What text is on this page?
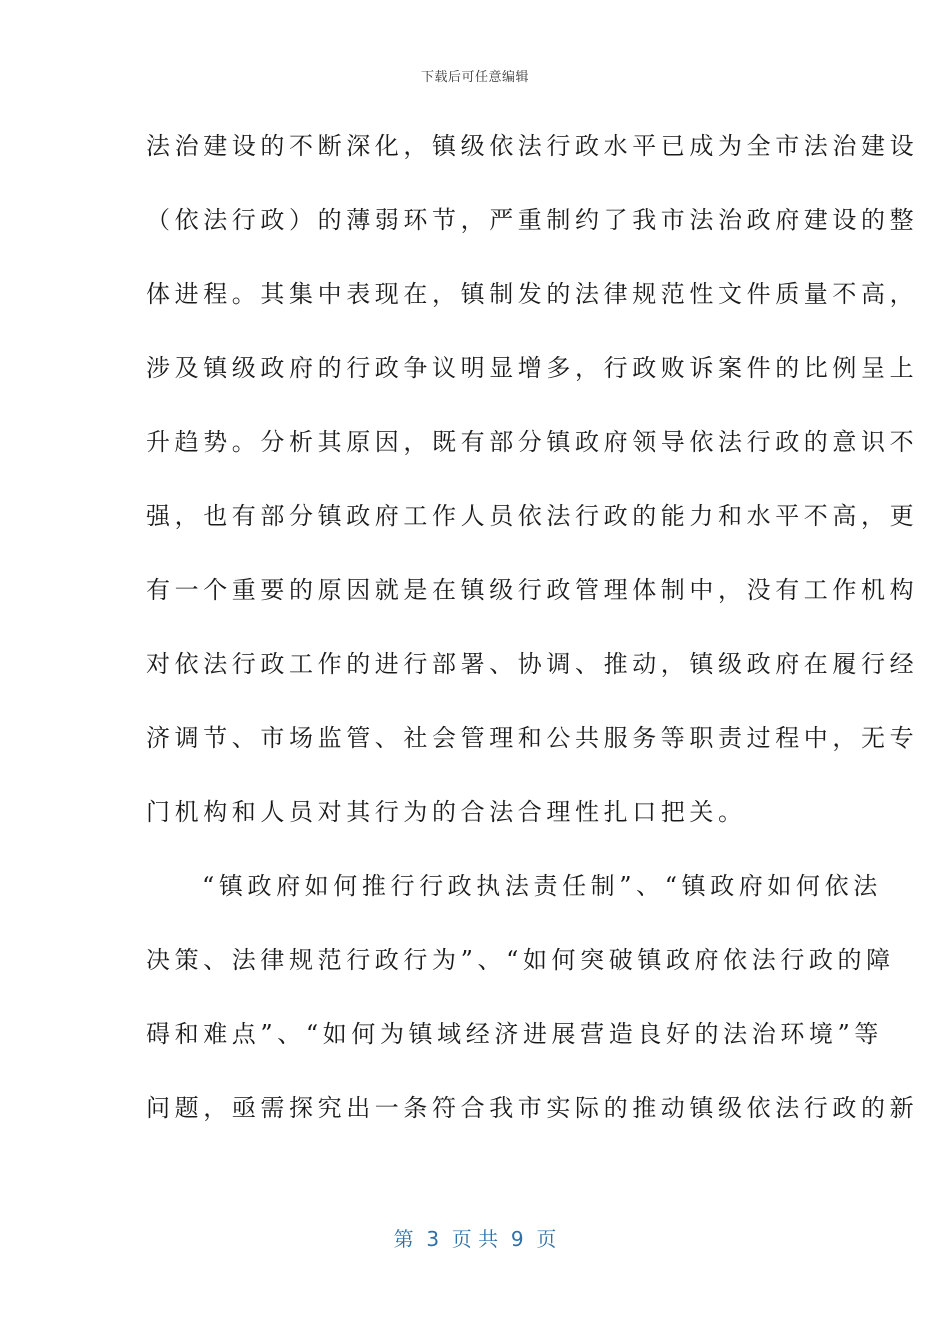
下载后可任意编辑
法治建设的不断深化，镇级依法行政水平已成为全市法治建设
（依法行政）的薄弱环节，严重制约了我市法治政府建设的整
体进程。其集中表现在，镇制发的法律规范性文件质量不高，
涉及镇级政府的行政争议明显增多，行政败诉案件的比例呈上
升趋势。分析其原因，既有部分镇政府领导依法行政的意识不
强，也有部分镇政府工作人员依法行政的能力和水平不高，更
有一个重要的原因就是在镇级行政管理体制中，没有工作机构
对依法行政工作的进行部署、协调、推动，镇级政府在履行经
济调节、市场监管、社会管理和公共服务等职责过程中，无专
门机构和人员对其行为的合法合理性扎口把关。
“镇政府如何推行行政执法责任制”、“镇政府如何依法
决策、法律规范行政行为”、“如何突破镇政府依法行政的障
碍和难点”、“如何为镇域经济进展营造良好的法治环境”等
问题，亟需探究出一条符合我市实际的推动镇级依法行政的新
第  3  页 共  9  页
